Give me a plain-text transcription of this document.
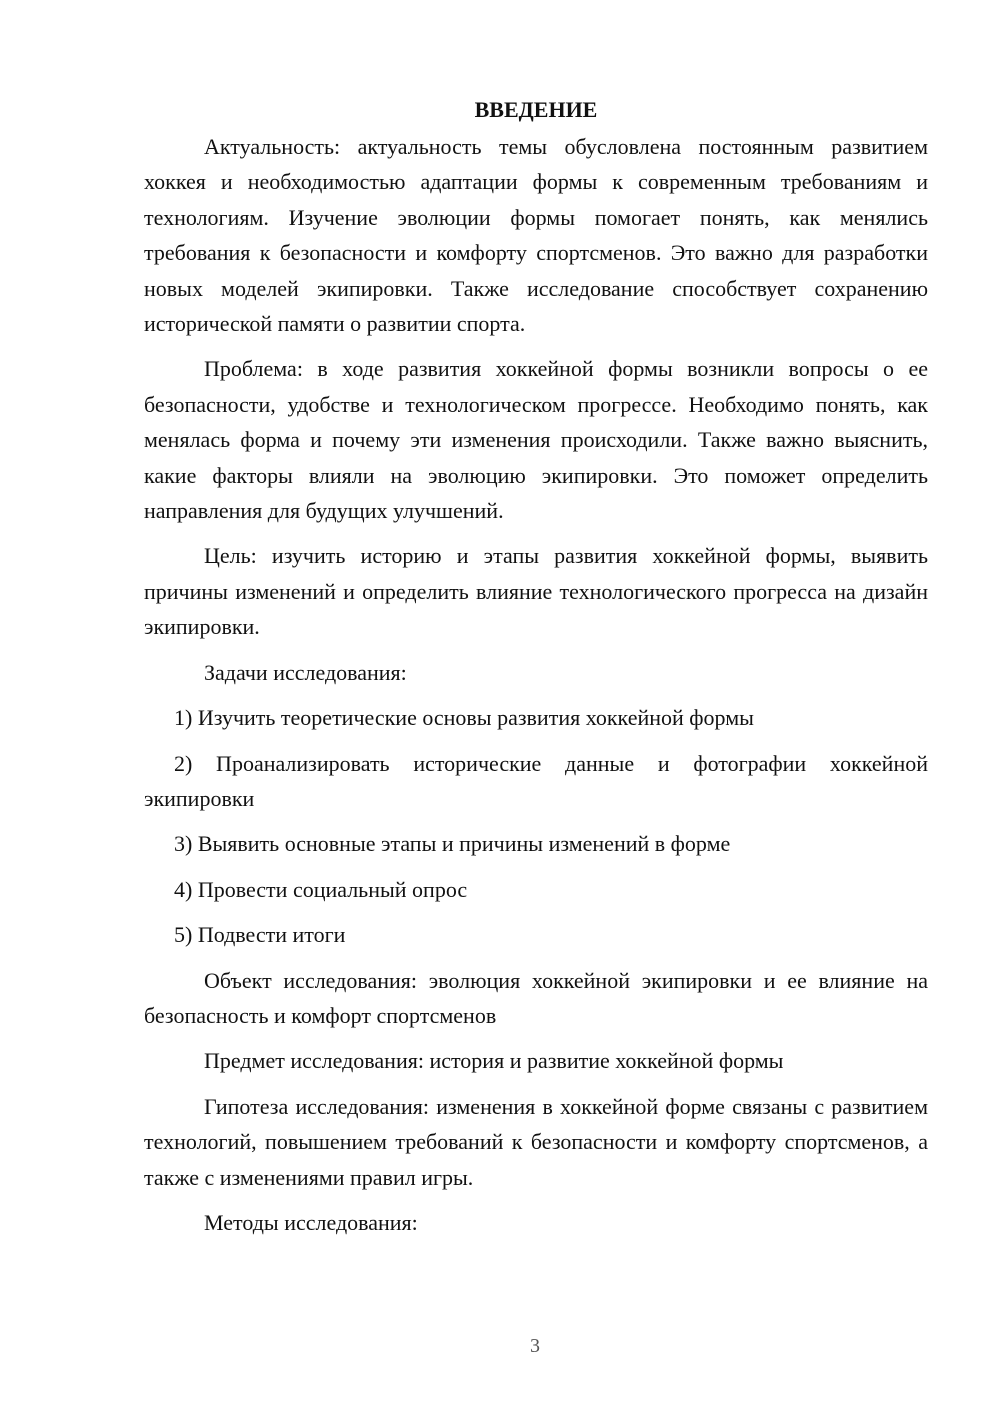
ВВЕДЕНИЕ

Актуальность: актуальность темы обусловлена постоянным развитием хоккея и необходимостью адаптации формы к современным требованиям и технологиям. Изучение эволюции формы помогает понять, как менялись требования к безопасности и комфорту спортсменов. Это важно для разработки новых моделей экипировки. Также исследование способствует сохранению исторической памяти о развитии спорта.

Проблема: в ходе развития хоккейной формы возникли вопросы о ее безопасности, удобстве и технологическом прогрессе. Необходимо понять, как менялась форма и почему эти изменения происходили. Также важно выяснить, какие факторы влияли на эволюцию экипировки. Это поможет определить направления для будущих улучшений.

Цель: изучить историю и этапы развития хоккейной формы, выявить причины изменений и определить влияние технологического прогресса на дизайн экипировки.

Задачи исследования:

1) Изучить теоретические основы развития хоккейной формы

2) Проанализировать исторические данные и фотографии хоккейной экипировки

3) Выявить основные этапы и причины изменений в форме

4) Провести социальный опрос

5) Подвести итоги

Объект исследования: эволюция хоккейной экипировки и ее влияние на безопасность и комфорт спортсменов

Предмет исследования: история и развитие хоккейной формы

Гипотеза исследования: изменения в хоккейной форме связаны с развитием технологий, повышением требований к безопасности и комфорту спортсменов, а также с изменениями правил игры.

Методы исследования:

3
